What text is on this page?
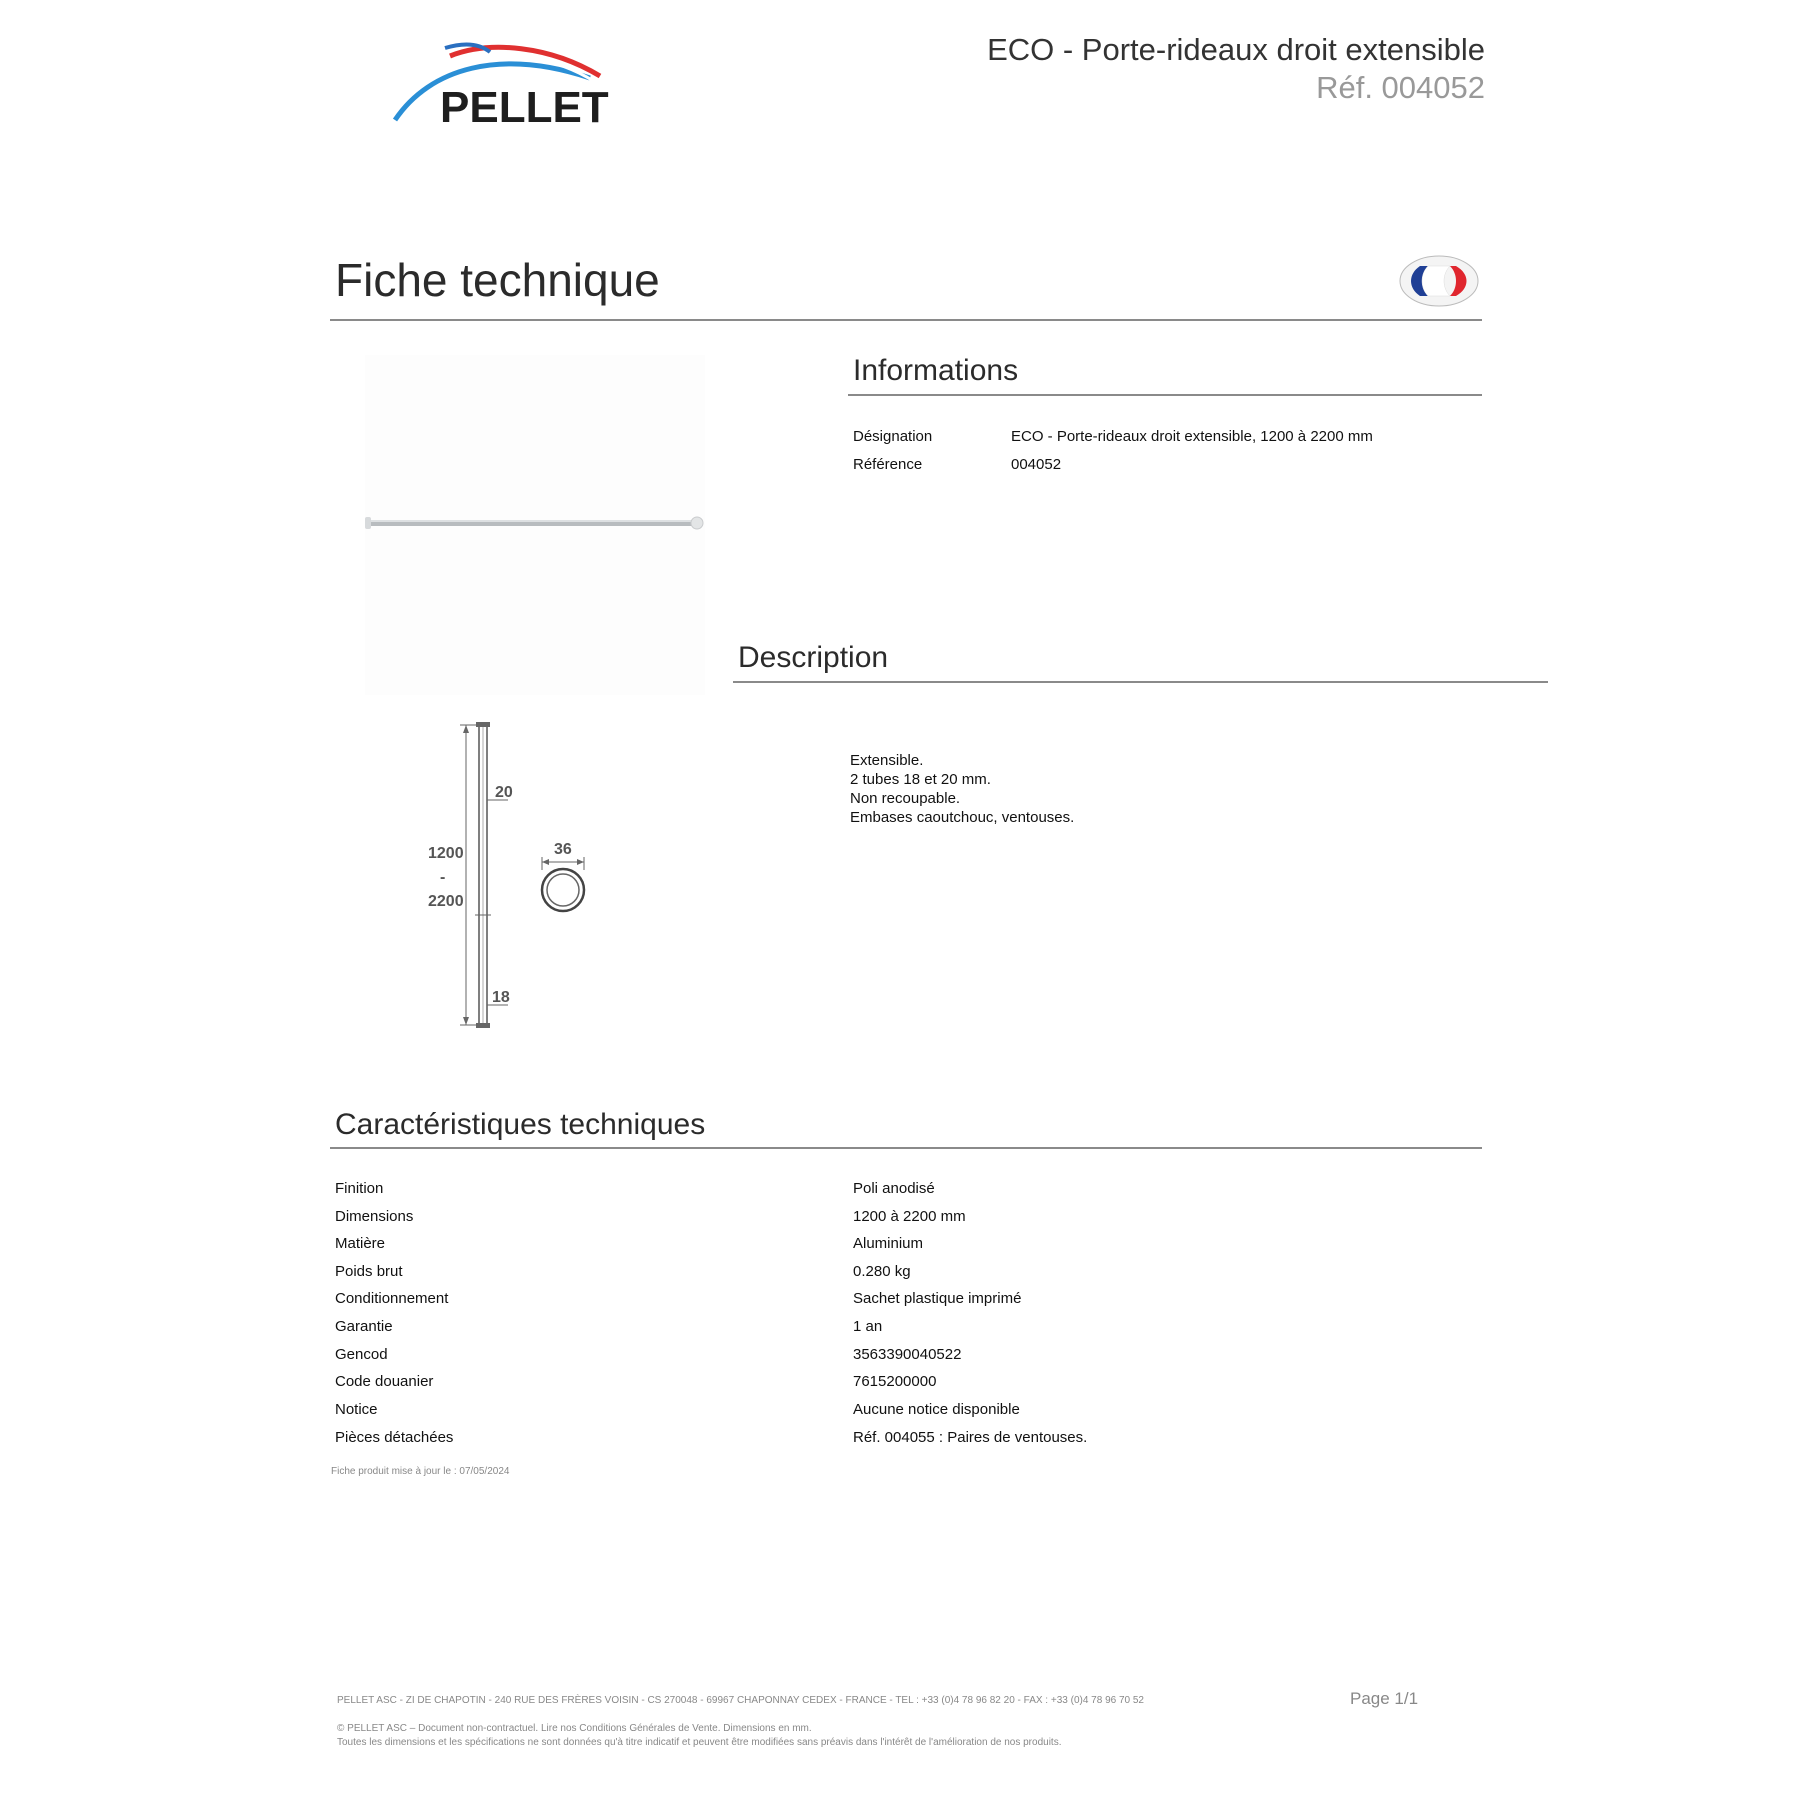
PELLET
ECO - Porte-rideaux droit extensible
Réf. 004052
Fiche technique
20
18
1200
-
2200
36
Informations
Désignation	ECO - Porte-rideaux droit extensible, 1200 à 2200 mm
Référence	004052
Description
Extensible.
2 tubes 18 et 20 mm.
Non recoupable.
Embases caoutchouc, ventouses.
Caractéristiques techniques
Finition	Poli anodisé
Dimensions	1200 à 2200 mm
Matière	Aluminium
Poids brut	0.280 kg
Conditionnement	Sachet plastique imprimé
Garantie	1 an
Gencod	3563390040522
Code douanier	7615200000
Notice	Aucune notice disponible
Pièces détachées	Réf. 004055 : Paires de ventouses.
Fiche produit mise à jour le : 07/05/2024
PELLET ASC - ZI DE CHAPOTIN - 240 RUE DES FRÈRES VOISIN - CS 270048 - 69967 CHAPONNAY CEDEX - FRANCE - TEL : +33 (0)4 78 96 82 20 - FAX : +33 (0)4 78 96 70 52	Page 1/1
© PELLET ASC – Document non-contractuel. Lire nos Conditions Générales de Vente. Dimensions en mm.
Toutes les dimensions et les spécifications ne sont données qu'à titre indicatif et peuvent être modifiées sans préavis dans l'intérêt de l'amélioration de nos produits.
